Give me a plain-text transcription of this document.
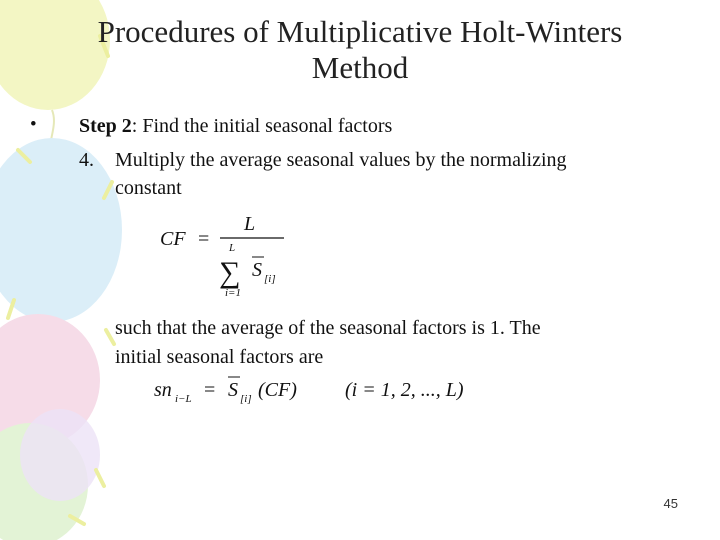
Procedures of Multiplicative Holt-Winters
Method
• Step 2: Find the initial seasonal factors
4. Multiply the average seasonal values by the normalizing
constant
CF =
L
L
∑
i=1
S [i]
such that the average of the seasonal factors is 1. The
initial seasonal factors are
sn i−L = S [i] (CF) (i = 1, 2, ..., L)
45
